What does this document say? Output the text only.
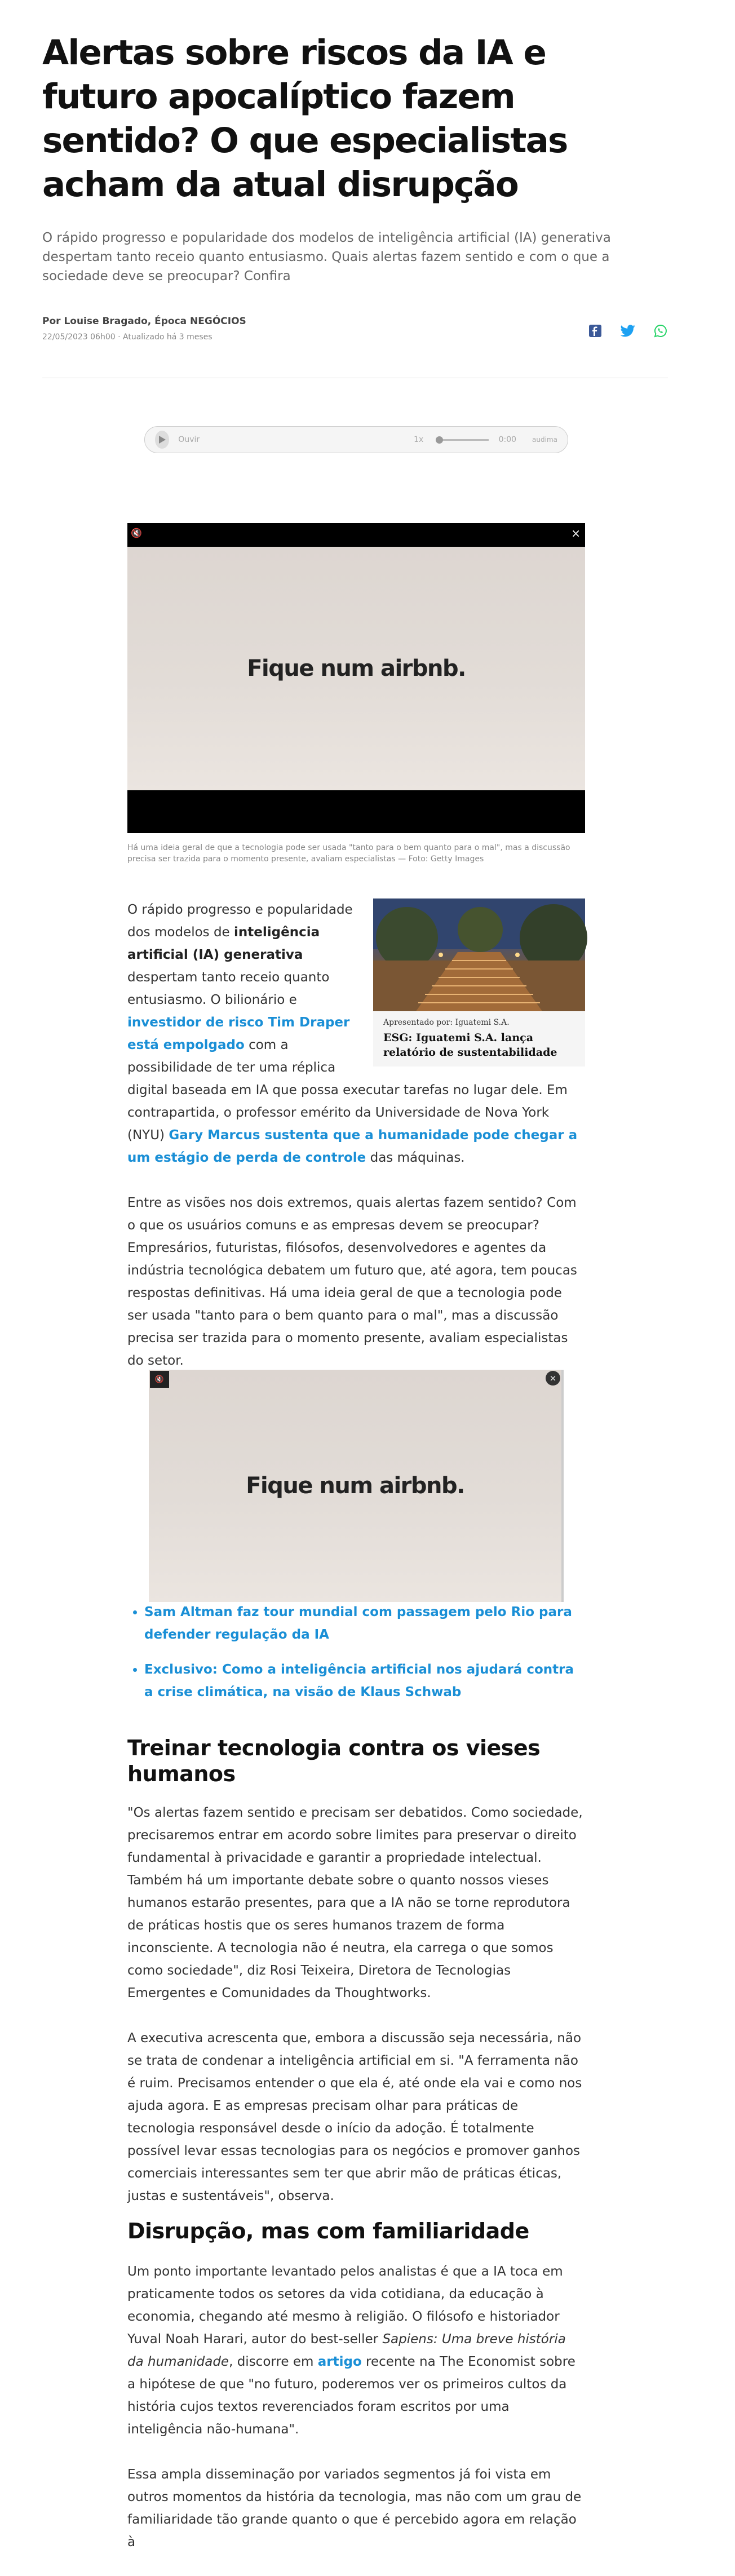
Alertas sobre riscos da IA e futuro apocalíptico fazem sentido? O que especialistas acham da atual disrupção

O rápido progresso e popularidade dos modelos de inteligência artificial (IA) generativa despertam tanto receio quanto entusiasmo. Quais alertas fazem sentido e com o que a sociedade deve se preocupar? Confira

Por Louise Bragado, Época NEGÓCIOS
22/05/2023 06h00 · Atualizado há 3 meses
Ouvir	1x	0:00 audima
🔇	×
Fique num airbnb.

Há uma ideia geral de que a tecnologia pode ser usada "tanto para o bem quanto para o mal", mas a discussão precisa ser trazida para o momento presente, avaliam especialistas — Foto: Getty Images

Apresentado por: Iguatemi S.A.
ESG: Iguatemi S.A. lança relatório de sustentabilidade

O rápido progresso e popularidade dos modelos de inteligência artificial (IA) generativa despertam tanto receio quanto entusiasmo. O bilionário e investidor de risco Tim Draper está empolgado com a possibilidade de ter uma réplica digital baseada em IA que possa executar tarefas no lugar dele. Em contrapartida, o professor emérito da Universidade de Nova York (NYU) Gary Marcus sustenta que a humanidade pode chegar a um estágio de perda de controle das máquinas.

Entre as visões nos dois extremos, quais alertas fazem sentido? Com o que os usuários comuns e as empresas devem se preocupar? Empresários, futuristas, filósofos, desenvolvedores e agentes da indústria tecnológica debatem um futuro que, até agora, tem poucas respostas definitivas. Há uma ideia geral de que a tecnologia pode ser usada "tanto para o bem quanto para o mal", mas a discussão precisa ser trazida para o momento presente, avaliam especialistas do setor.

🔇	×
Fique num airbnb.
• Sam Altman faz tour mundial com passagem pelo Rio para defender regulação da IA
• Exclusivo: Como a inteligência artificial nos ajudará contra a crise climática, na visão de Klaus Schwab
Treinar tecnologia contra os vieses humanos

"Os alertas fazem sentido e precisam ser debatidos. Como sociedade, precisaremos entrar em acordo sobre limites para preservar o direito fundamental à privacidade e garantir a propriedade intelectual. Também há um importante debate sobre o quanto nossos vieses humanos estarão presentes, para que a IA não se torne reprodutora de práticas hostis que os seres humanos trazem de forma inconsciente. A tecnologia não é neutra, ela carrega o que somos como sociedade", diz Rosi Teixeira, Diretora de Tecnologias Emergentes e Comunidades da Thoughtworks.

A executiva acrescenta que, embora a discussão seja necessária, não se trata de condenar a inteligência artificial em si. "A ferramenta não é ruim. Precisamos entender o que ela é, até onde ela vai e como nos ajuda agora. E as empresas precisam olhar para práticas de tecnologia responsável desde o início da adoção. É totalmente possível levar essas tecnologias para os negócios e promover ganhos comerciais interessantes sem ter que abrir mão de práticas éticas, justas e sustentáveis", observa.

Disrupção, mas com familiaridade

Um ponto importante levantado pelos analistas é que a IA toca em praticamente todos os setores da vida cotidiana, da educação à economia, chegando até mesmo à religião. O filósofo e historiador Yuval Noah Harari, autor do best-seller Sapiens: Uma breve história da humanidade, discorre em artigo recente na The Economist sobre a hipótese de que "no futuro, poderemos ver os primeiros cultos da história cujos textos reverenciados foram escritos por uma inteligência não-humana".

Essa ampla disseminação por variados segmentos já foi vista em outros momentos da história da tecnologia, mas não com um grau de familiaridade tão grande quanto o que é percebido agora em relação à
